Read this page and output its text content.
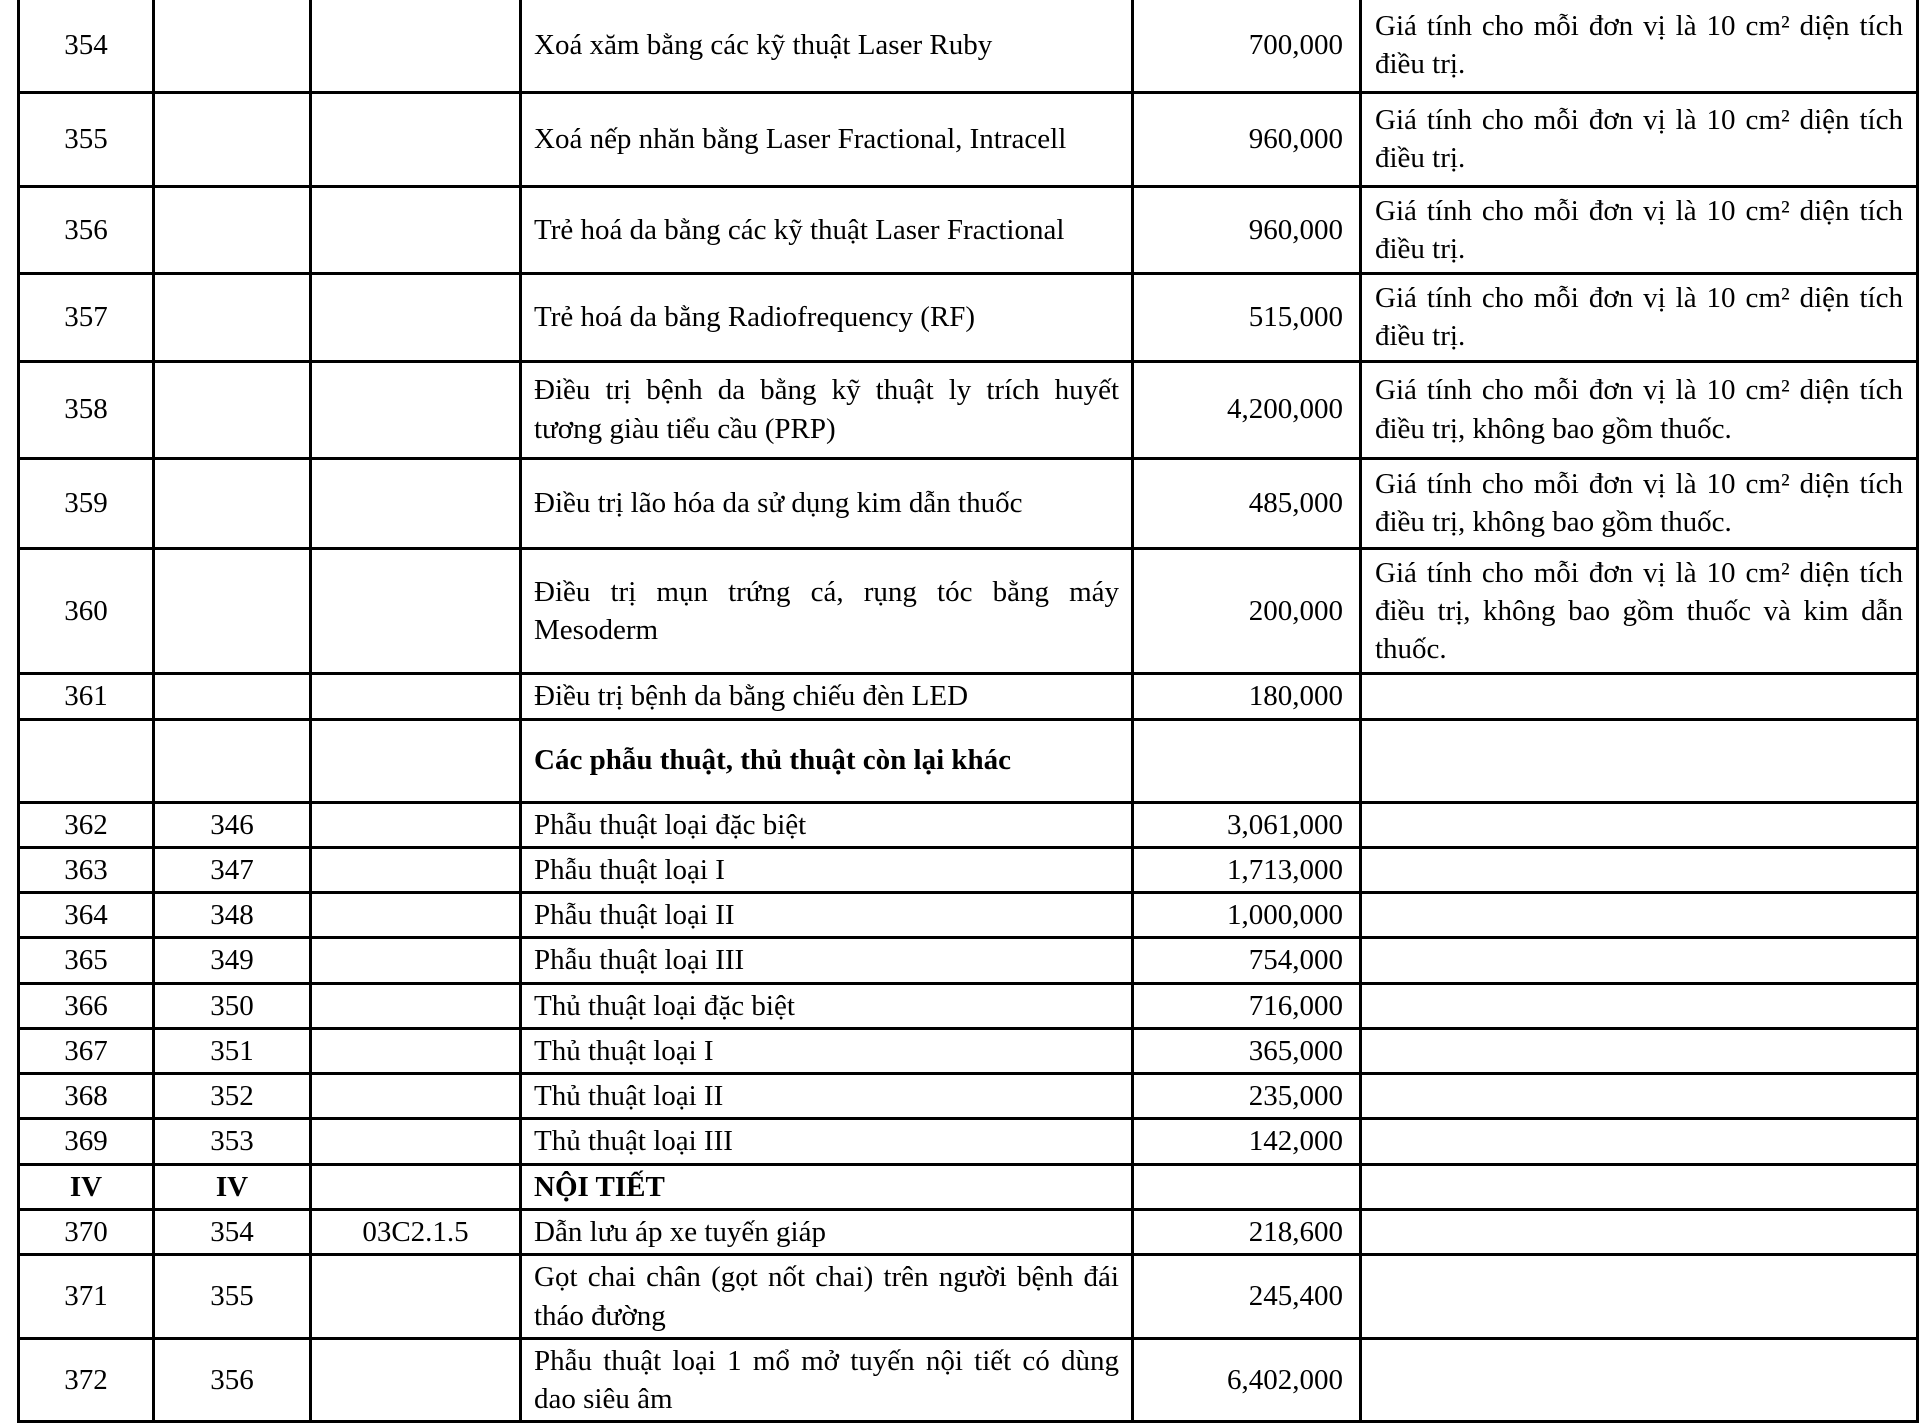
354			Xoá xăm bằng các kỹ thuật Laser Ruby	700,000	Giá tính cho mỗi đơn vị là 10 cm² diện tích điều trị.
355			Xoá nếp nhăn bằng Laser Fractional, Intracell	960,000	Giá tính cho mỗi đơn vị là 10 cm² diện tích điều trị.
356			Trẻ hoá da bằng các kỹ thuật Laser Fractional	960,000	Giá tính cho mỗi đơn vị là 10 cm² diện tích điều trị.
357			Trẻ hoá da bằng Radiofrequency (RF)	515,000	Giá tính cho mỗi đơn vị là 10 cm² diện tích điều trị.
358			Điều trị bệnh da bằng kỹ thuật ly trích huyết tương giàu tiểu cầu (PRP)	4,200,000	Giá tính cho mỗi đơn vị là 10 cm² diện tích điều trị, không bao gồm thuốc.
359			Điều trị lão hóa da sử dụng kim dẫn thuốc	485,000	Giá tính cho mỗi đơn vị là 10 cm² diện tích điều trị, không bao gồm thuốc.
360			Điều trị mụn trứng cá, rụng tóc bằng máy Mesoderm	200,000	Giá tính cho mỗi đơn vị là 10 cm² diện tích điều trị, không bao gồm thuốc và kim dẫn thuốc.
361			Điều trị bệnh da bằng chiếu đèn LED	180,000	
			Các phẫu thuật, thủ thuật còn lại khác		
362	346		Phẫu thuật loại đặc biệt	3,061,000	
363	347		Phẫu thuật loại I	1,713,000	
364	348		Phẫu thuật loại II	1,000,000	
365	349		Phẫu thuật loại III	754,000	
366	350		Thủ thuật loại đặc biệt	716,000	
367	351		Thủ thuật loại I	365,000	
368	352		Thủ thuật loại II	235,000	
369	353		Thủ thuật loại III	142,000	
IV	IV		NỘI TIẾT		
370	354	03C2.1.5	Dẫn lưu áp xe tuyến giáp	218,600	
371	355		Gọt chai chân (gọt nốt chai) trên người bệnh đái tháo đường	245,400	
372	356		Phẫu thuật loại 1 mổ mở tuyến nội tiết có dùng dao siêu âm	6,402,000	
